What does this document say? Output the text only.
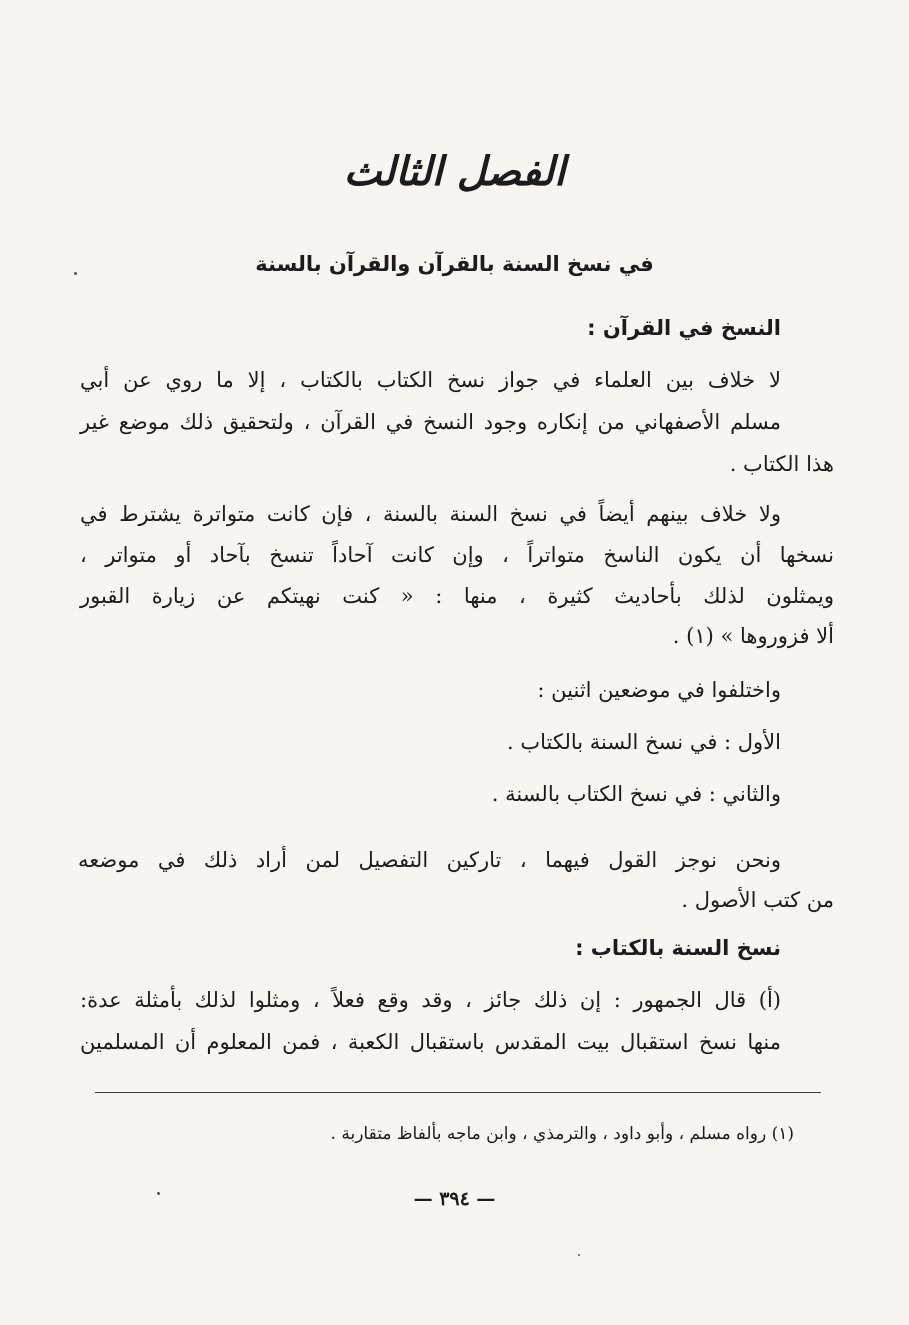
الفصل الثالث
في نسخ السنة بالقرآن والقرآن بالسنة
النسخ في القرآن :
لا خلاف بين العلماء في جواز نسخ الكتاب بالكتاب ، إلا ما روي عن أبي
مسلم الأصفهاني من إنكاره وجود النسخ في القرآن ، ولتحقيق ذلك موضع غير
هذا الكتاب .
ولا خلاف بينهم أيضاً في نسخ السنة بالسنة ، فإن كانت متواترة يشترط في
نسخها أن يكون الناسخ متواتراً ، وإن كانت آحاداً تنسخ بآحاد أو متواتر ،
ويمثلون لذلك بأحاديث كثيرة ، منها : « كنت نهيتكم عن زيارة القبور
ألا فزوروها » (١) .
واختلفوا في موضعين اثنين :
الأول : في نسخ السنة بالكتاب .
والثاني : في نسخ الكتاب بالسنة .
ونحن نوجز القول فيهما ، تاركين التفصيل لمن أراد ذلك في موضعه
من كتب الأصول .
نسخ السنة بالكتاب :
(أ) قال الجمهور : إن ذلك جائز ، وقد وقع فعلاً ، ومثلوا لذلك بأمثلة عدة:
منها نسخ استقبال بيت المقدس باستقبال الكعبة ، فمن المعلوم أن المسلمين
(١) رواه مسلم ، وأبو داود ، والترمذي ، وابن ماجه بألفاظ متقاربة .
— ٣٩٤ —
